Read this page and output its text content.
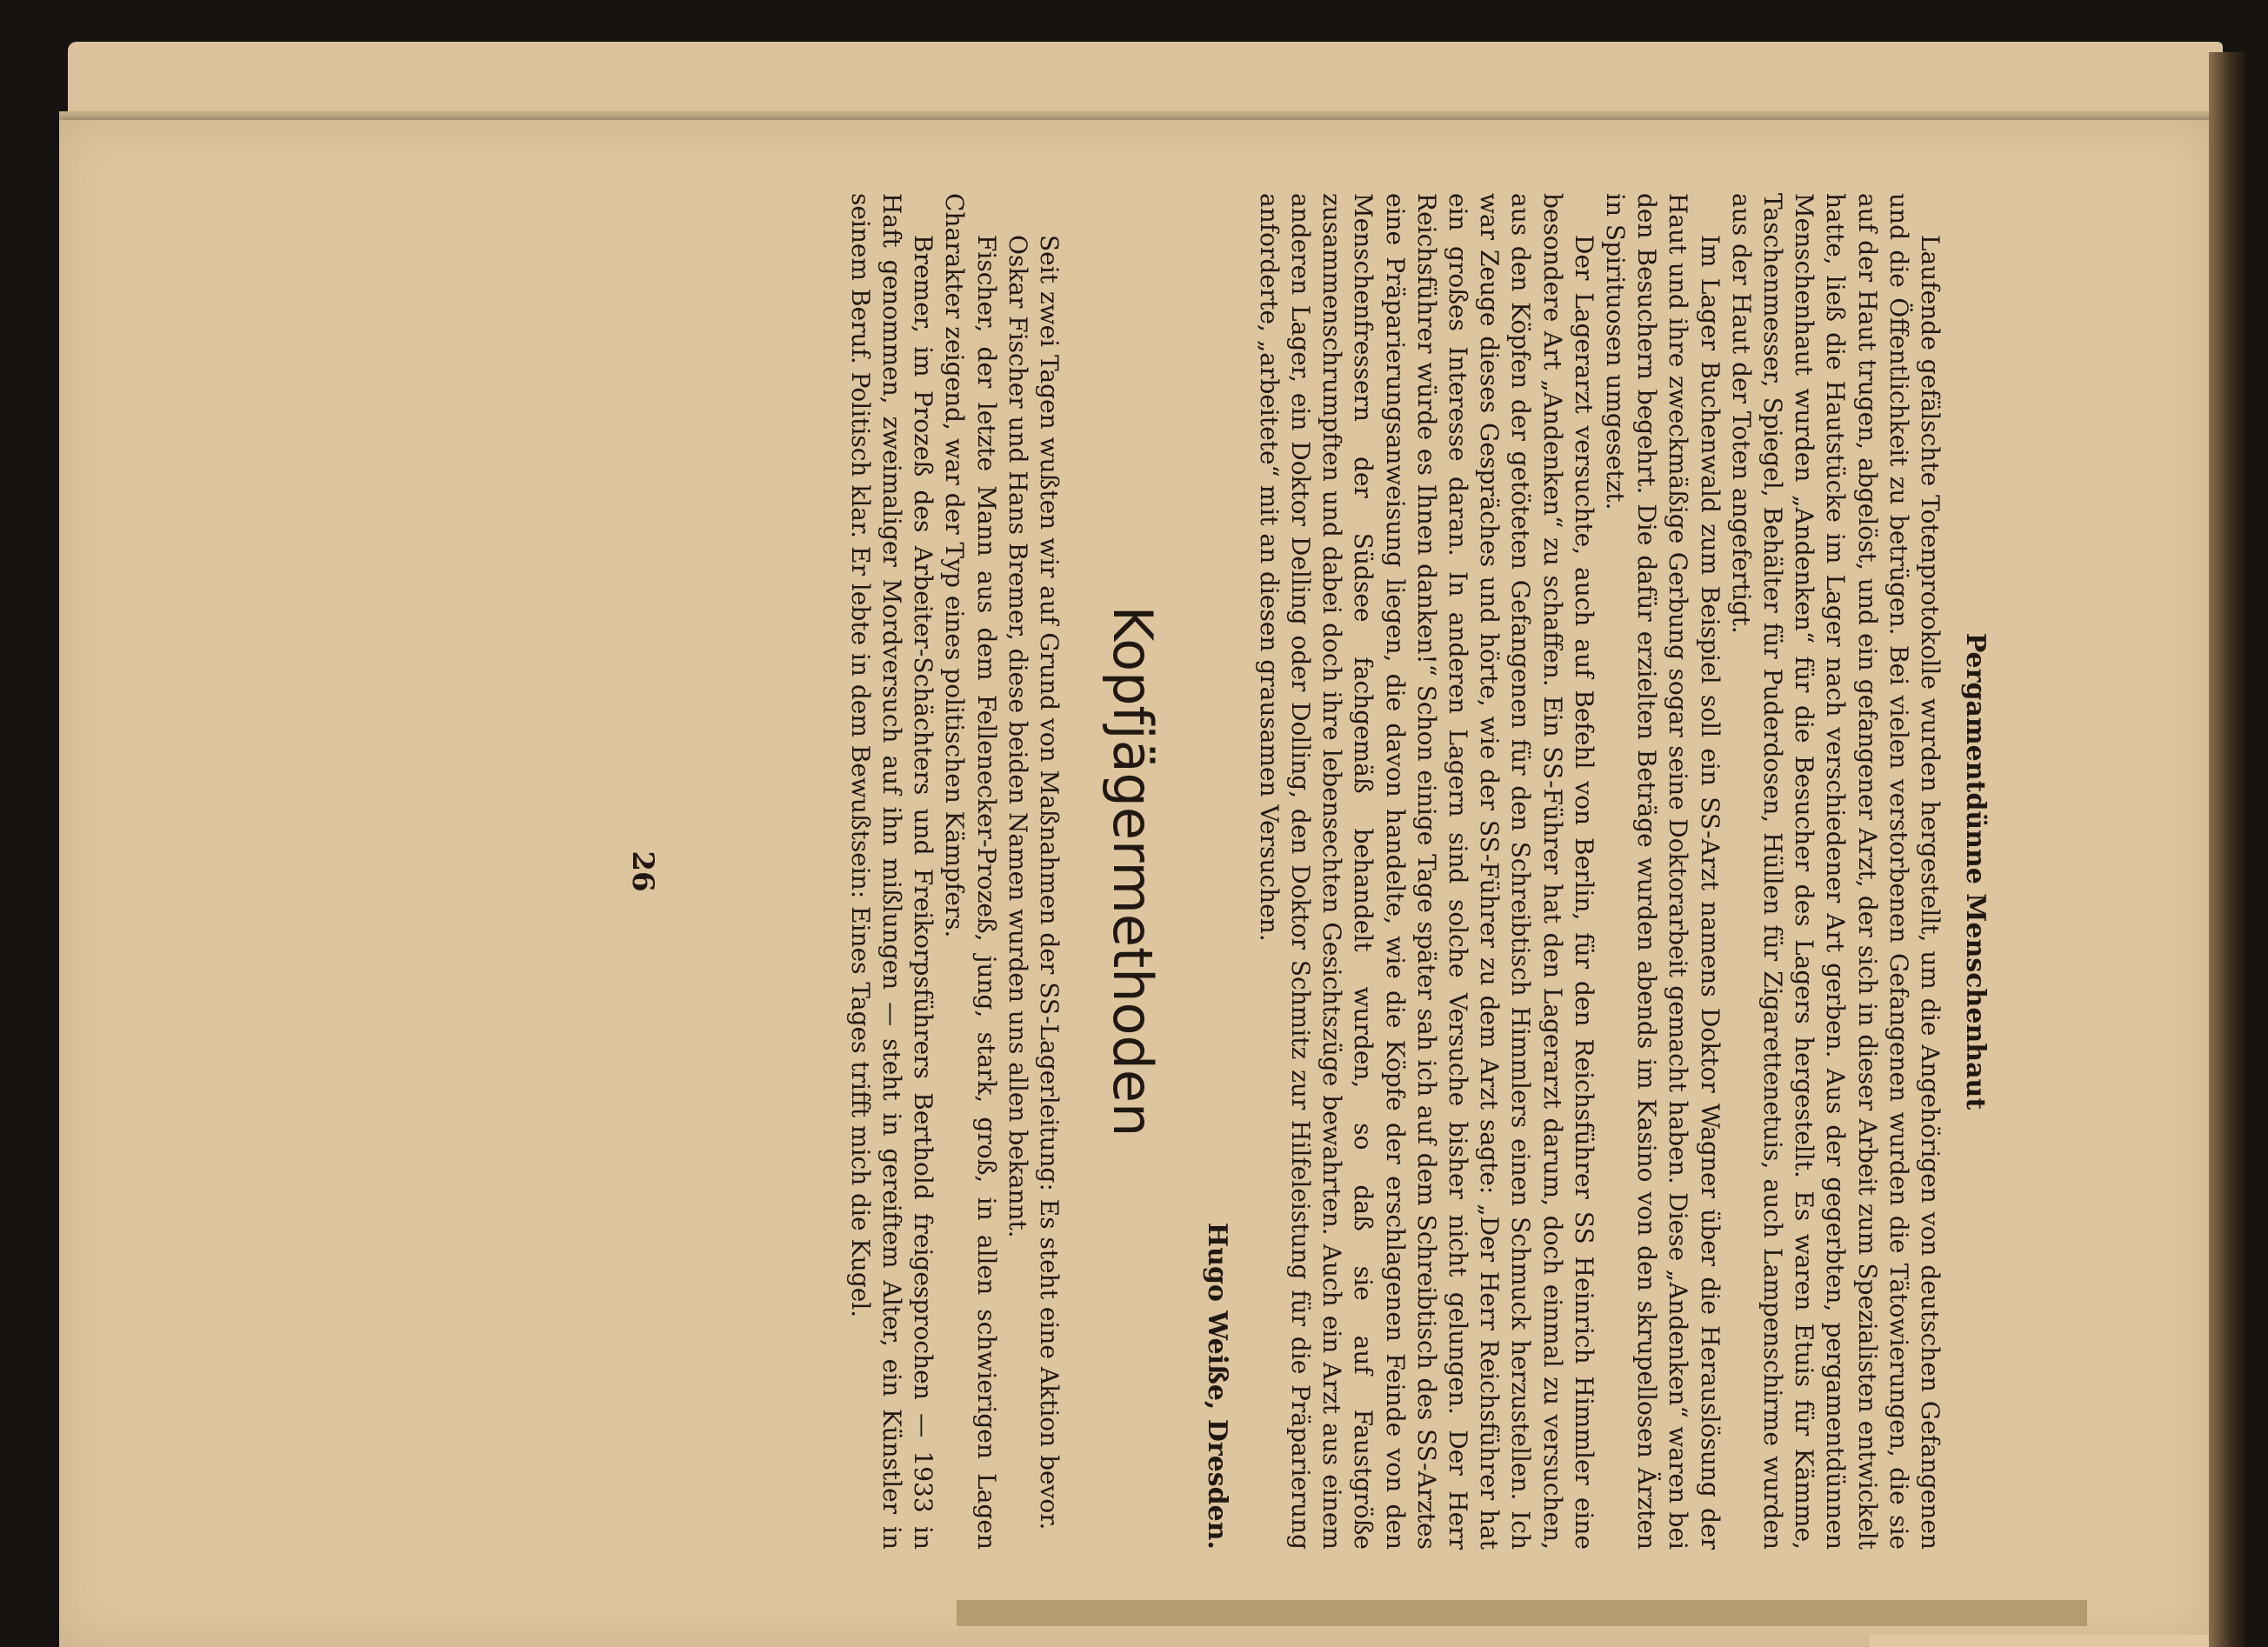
Pergamentdünne Menschenhaut

Laufende gefälschte Totenprotokolle wurden hergestellt, um die Angehörigen von deutschen Gefangenen und die Öffentlichkeit zu betrügen. Bei vielen verstorbenen Gefangenen wurden die Tätowierungen, die sie auf der Haut trugen, abgelöst, und ein gefangener Arzt, der sich in dieser Arbeit zum Spezialisten entwickelt hatte, ließ die Hautstücke im Lager nach verschiedener Art gerben. Aus der gegerbten, pergamentdünnen Menschenhaut wurden „Andenken“ für die Besucher des Lagers hergestellt. Es waren Etuis für Kämme, Taschenmesser, Spiegel, Behälter für Puderdosen, Hüllen für Zigarettenetuis, auch Lampenschirme wurden aus der Haut der Toten angefertigt.

Im Lager Buchenwald zum Beispiel soll ein SS-Arzt namens Doktor Wagner über die Herauslösung der Haut und ihre zweckmäßige Gerbung sogar seine Doktorarbeit gemacht haben. Diese „Andenken“ waren bei den Besuchern begehrt. Die dafür erzielten Beträge wurden abends im Kasino von den skrupellosen Ärzten in Spirituosen umgesetzt.

Der Lagerarzt versuchte, auch auf Befehl von Berlin, für den Reichsführer SS Heinrich Himmler eine besondere Art „Andenken“ zu schaffen. Ein SS-Führer hat den Lagerarzt darum, doch einmal zu versuchen, aus den Köpfen der getöteten Gefangenen für den Schreibtisch Himmlers einen Schmuck herzustellen. Ich war Zeuge dieses Gespräches und hörte, wie der SS-Führer zu dem Arzt sagte: „Der Herr Reichsführer hat ein großes Interesse daran. In anderen Lagern sind solche Versuche bisher nicht gelungen. Der Herr Reichsführer würde es Ihnen danken!“ Schon einige Tage später sah ich auf dem Schreibtisch des SS-Arztes eine Präparierungsanweisung liegen, die davon handelte, wie die Köpfe der erschlagenen Feinde von den Menschenfressern der Südsee fachgemäß behandelt wurden, so daß sie auf Faustgröße zusammenschrumpften und dabei doch ihre lebensechten Gesichtszüge bewahrten. Auch ein Arzt aus einem anderen Lager, ein Doktor Delling oder Dolling, den Doktor Schmitz zur Hilfeleistung für die Präparierung anforderte, „arbeitete“ mit an diesen grausamen Versuchen.

Hugo Weiße, Dresden.
Kopfjägermethoden

Seit zwei Tagen wußten wir auf Grund von Maßnahmen der SS-Lagerleitung: Es steht eine Aktion bevor.

Oskar Fischer und Hans Bremer, diese beiden Namen wurden uns allen bekannt.

Fischer, der letzte Mann aus dem Fellenecker-Prozeß, jung, stark, groß, in allen schwierigen Lagen Charakter zeigend, war der Typ eines politischen Kämpfers.

Bremer, im Prozeß des Arbeiter-Schächters und Freikorpsführers Berthold freigesprochen — 1933 in Haft genommen, zweimaliger Mordversuch auf ihn mißlungen — steht in gereiftem Alter, ein Künstler in seinem Beruf. Politisch klar. Er lebte in dem Bewußtsein: Eines Tages trifft mich die Kugel.

26
